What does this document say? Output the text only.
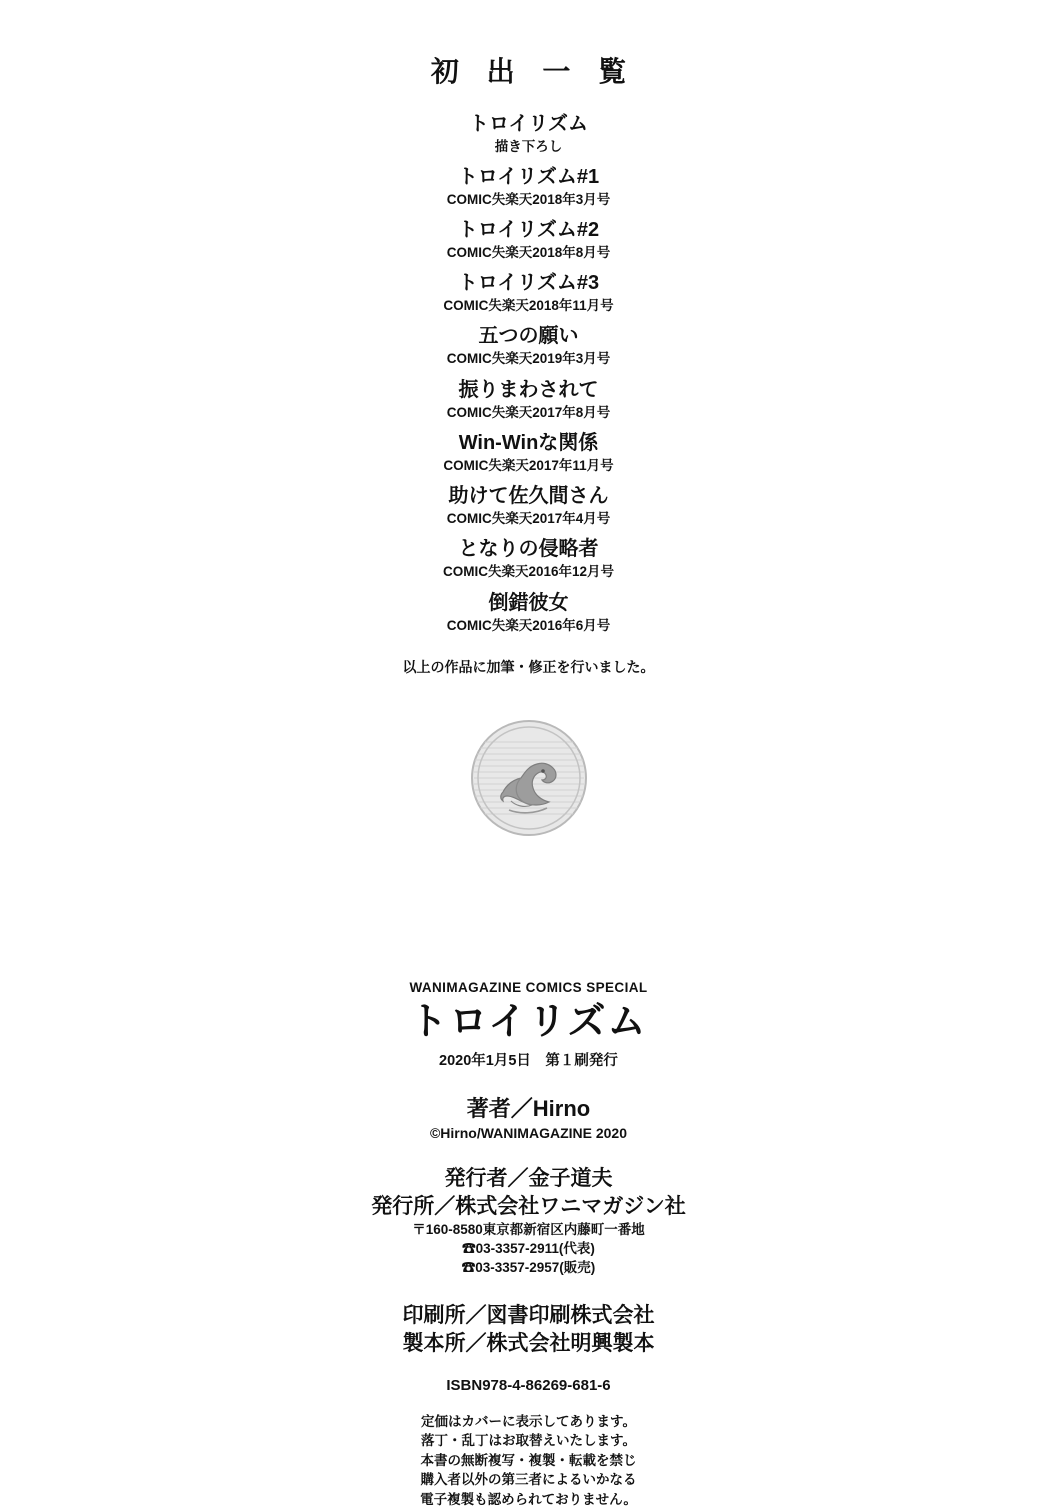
初 出 一 覧

トロイリズム

描き下ろし

トロイリズム#1

COMIC失楽天2018年3月号

トロイリズム#2

COMIC失楽天2018年8月号

トロイリズム#3

COMIC失楽天2018年11月号

五つの願い

COMIC失楽天2019年3月号

振りまわされて

COMIC失楽天2017年8月号

Win-Winな関係

COMIC失楽天2017年11月号

助けて佐久間さん

COMIC失楽天2017年4月号

となりの侵略者

COMIC失楽天2016年12月号

倒錯彼女

COMIC失楽天2016年6月号

以上の作品に加筆・修正を行いました。

WANIMAGAZINE COMICS SPECIAL

トロイリズム

2020年1月5日　第１刷発行

著者／Hirno

©Hirno/WANIMAGAZINE 2020

発行者／金子道夫

発行所／株式会社ワニマガジン社

〒160-8580東京都新宿区内藤町一番地

☎03-3357-2911(代表)

☎03-3357-2957(販売)

印刷所／図書印刷株式会社

製本所／株式会社明興製本

ISBN978-4-86269-681-6

定価はカバーに表示してあります。

落丁・乱丁はお取替えいたします。

本書の無断複写・複製・転載を禁じ

購入者以外の第三者によるいかなる

電子複製も認められておりません。
